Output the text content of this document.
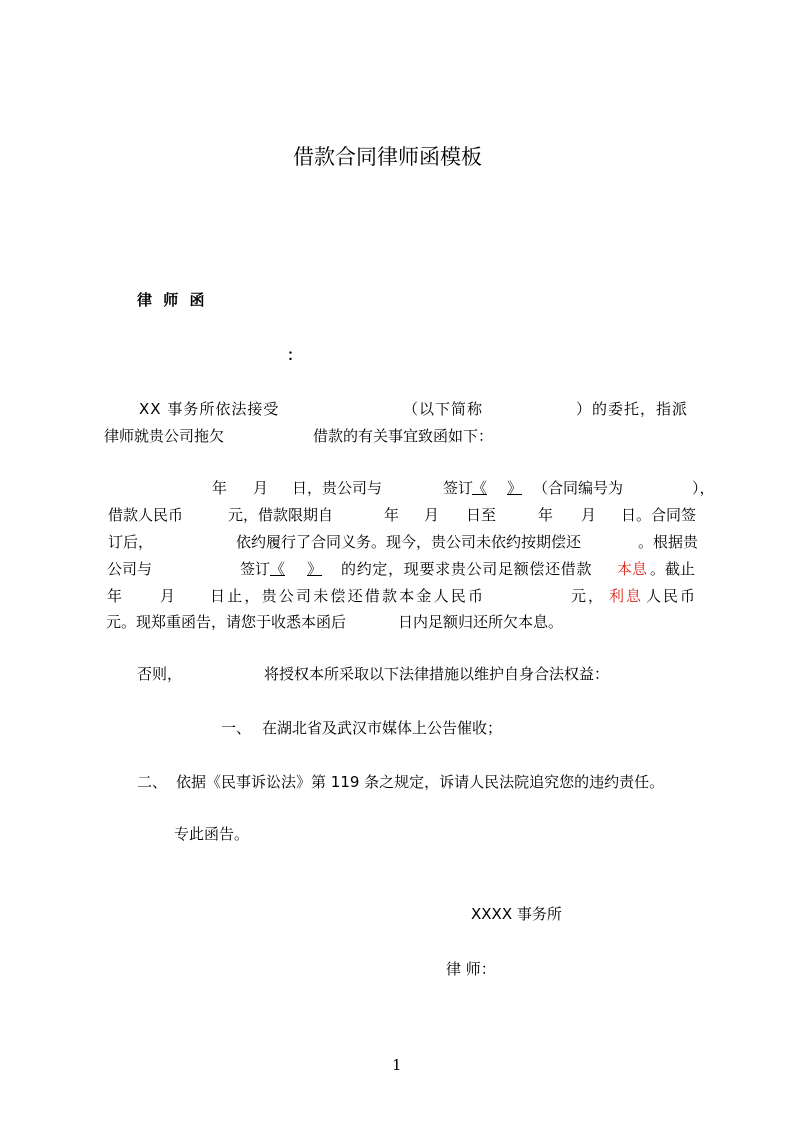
借款合同律师函模板
律 师 函
：
XX 事务所依法接受	（以下简称	）的委托，指派
律师就贵公司拖欠	借款的有关事宜致函如下：
年 月 日，贵公司与	签订
《 》 （合同编号为	），
借款人民币	元，借款限期自	年 月 日至	年 月 日。合同签
订后，	依约履行了合同义务。现今，贵公司未依约按期偿还	。根据贵
公司与	签订 《 》	的约定，现要求贵公司足额偿还借款 本息 。截止
年	月 日止，贵公司未偿还借款本金人民币	元， 利息 人民币
元。现郑重函告，请您于收悉本函后	日内足额归还所欠本息。
否则，	将授权本所采取以下法律措施以维护自身合法权益：
一、 在湖北省及武汉市媒体上公告催收；
二、 依据《民事诉讼法》第 119 条之规定，诉请人民法院追究您的违约责任。
专此函告。
XXXX 事务所
律 师：
1
